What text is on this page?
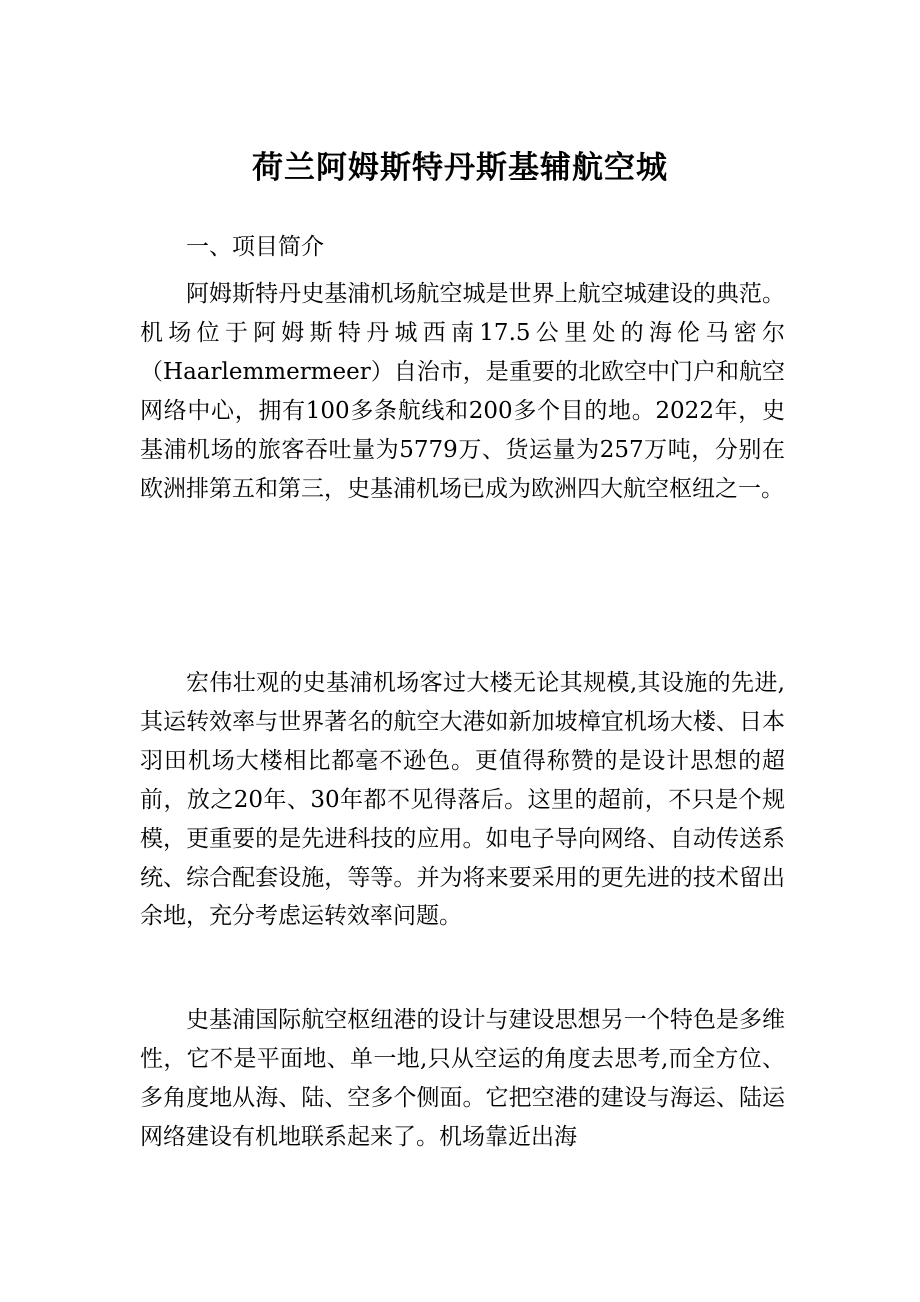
荷兰阿姆斯特丹斯基辅航空城

一、项目简介

阿姆斯特丹史基浦机场航空城是世界上航空城建设的典范。机场位于阿姆斯特丹城西南17.5公里处的海伦马密尔（Haarlemmermeer）自治市，是重要的北欧空中门户和航空网络中心，拥有100多条航线和200多个目的地。2022年，史基浦机场的旅客吞吐量为5779万、货运量为257万吨，分别在欧洲排第五和第三，史基浦机场已成为欧洲四大航空枢纽之一。

宏伟壮观的史基浦机场客过大楼无论其规模,其设施的先进,其运转效率与世界著名的航空大港如新加坡樟宜机场大楼、日本羽田机场大楼相比都毫不逊色。更值得称赞的是设计思想的超前，放之20年、30年都不见得落后。这里的超前，不只是个规模，更重要的是先进科技的应用。如电子导向网络、自动传送系统、综合配套设施，等等。并为将来要采用的更先进的技术留出余地，充分考虑运转效率问题。

史基浦国际航空枢纽港的设计与建设思想另一个特色是多维性，它不是平面地、单一地,只从空运的角度去思考,而全方位、多角度地从海、陆、空多个侧面。它把空港的建设与海运、陆运网络建设有机地联系起来了。机场靠近出海
